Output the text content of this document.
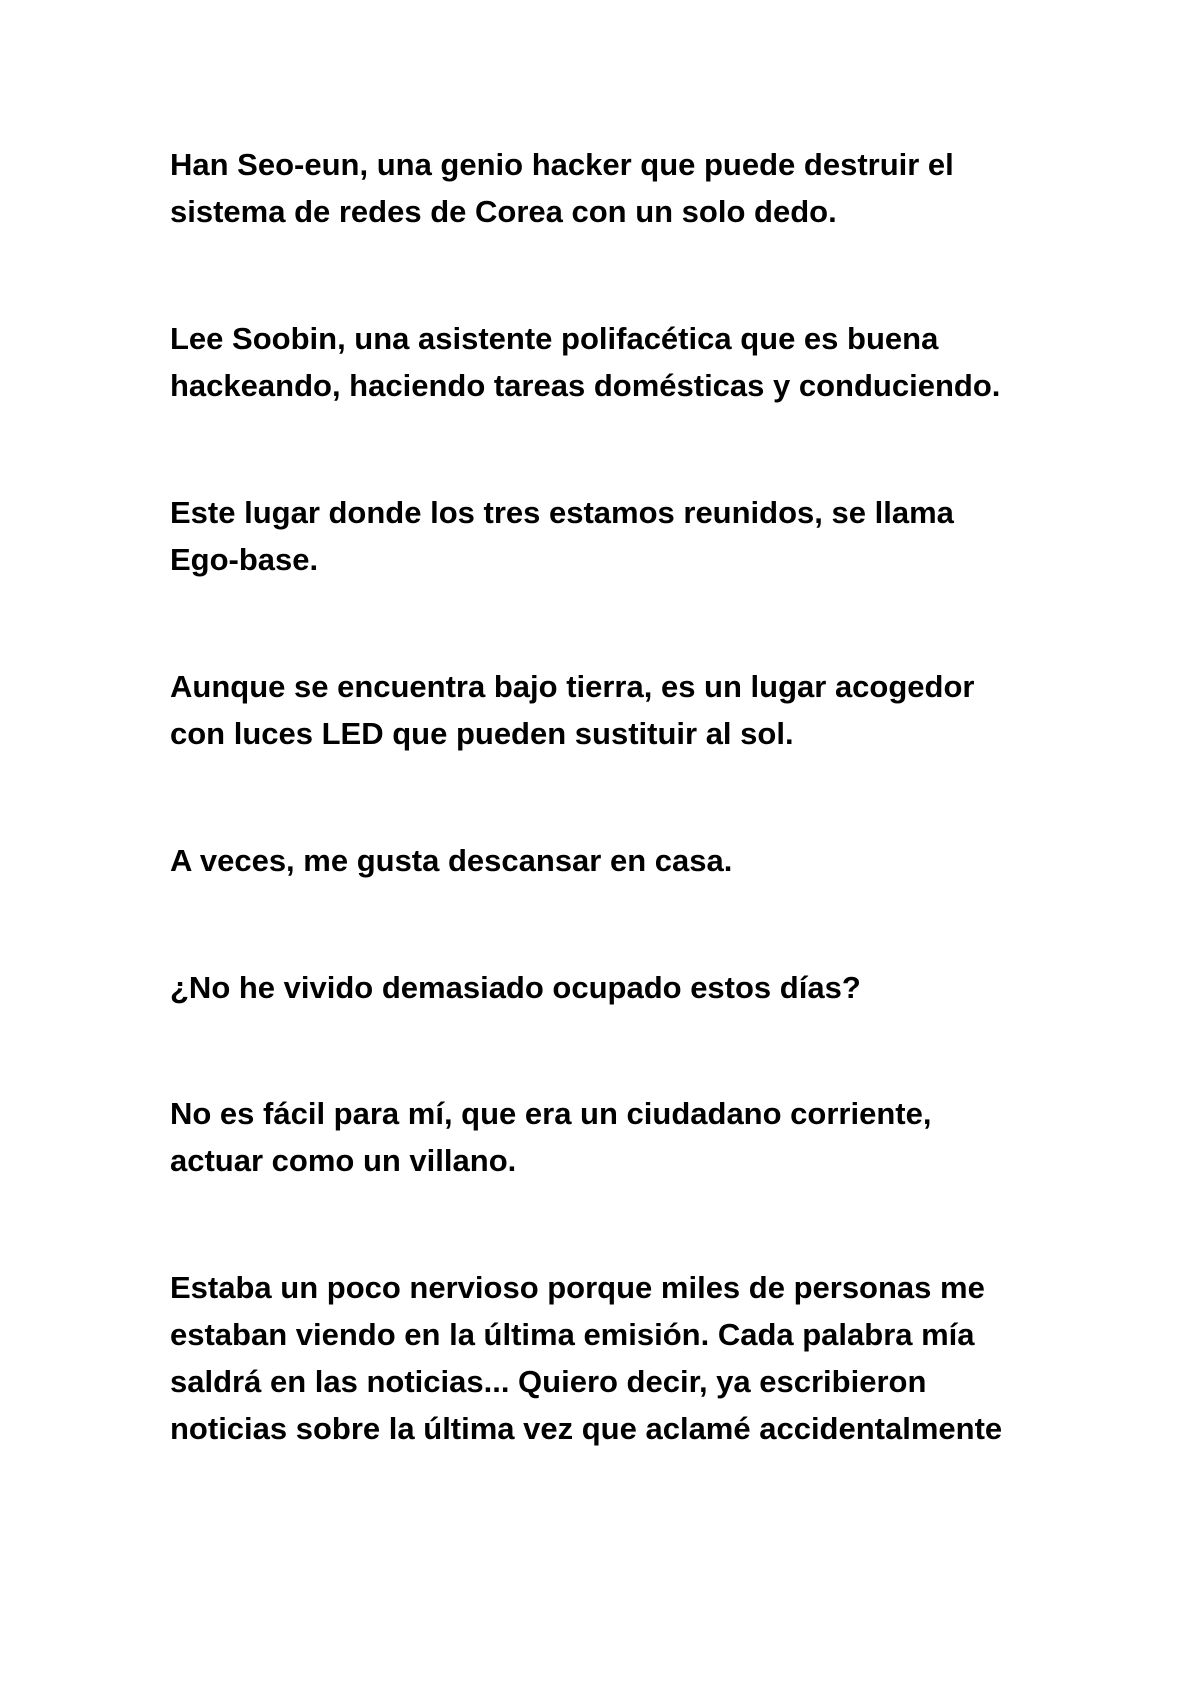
Han Seo-eun, una genio hacker que puede destruir el
sistema de redes de Corea con un solo dedo.

Lee Soobin, una asistente polifacética que es buena
hackeando, haciendo tareas domésticas y conduciendo.

Este lugar donde los tres estamos reunidos, se llama
Ego-base.

Aunque se encuentra bajo tierra, es un lugar acogedor
con luces LED que pueden sustituir al sol.

A veces, me gusta descansar en casa.

¿No he vivido demasiado ocupado estos días?

No es fácil para mí, que era un ciudadano corriente,
actuar como un villano.

Estaba un poco nervioso porque miles de personas me
estaban viendo en la última emisión. Cada palabra mía
saldrá en las noticias... Quiero decir, ya escribieron
noticias sobre la última vez que aclamé accidentalmente
